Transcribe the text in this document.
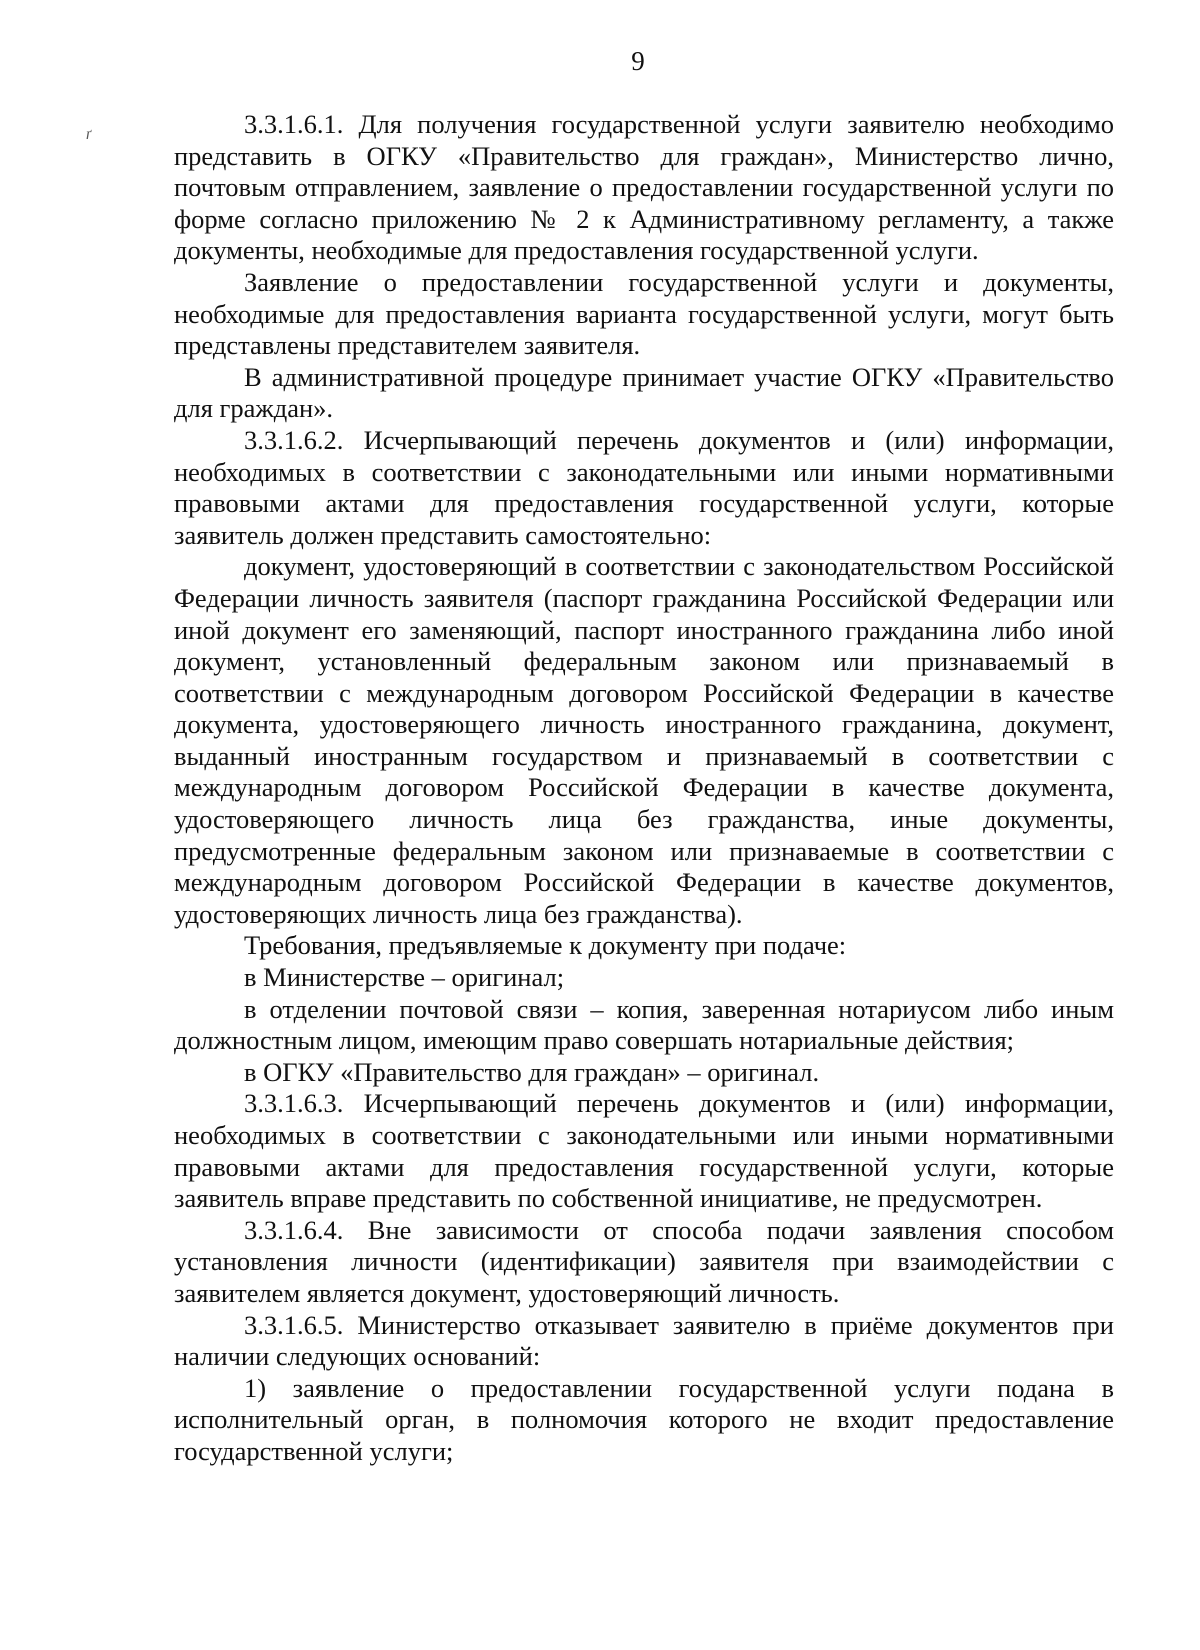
9
ґ	3.3.1.6.1. Для получения государственной услуги заявителю необходимо представить в ОГКУ «Правительство для граждан», Министерство лично, почтовым отправлением, заявление о предоставлении государственной услуги по форме согласно приложению № 2 к Административному регламенту, а также документы, необходимые для предоставления государственной услуги.

Заявление о предоставлении государственной услуги и документы, необходимые для предоставления варианта государственной услуги, могут быть представлены представителем заявителя.

В административной процедуре принимает участие ОГКУ «Правительство для граждан».

3.3.1.6.2. Исчерпывающий перечень документов и (или) информации, необходимых в соответствии с законодательными или иными нормативными правовыми актами для предоставления государственной услуги, которые заявитель должен представить самостоятельно:

документ, удостоверяющий в соответствии с законодательством Российской Федерации личность заявителя (паспорт гражданина Российской Федерации или иной документ его заменяющий, паспорт иностранного гражданина либо иной документ, установленный федеральным законом или признаваемый в соответствии с международным договором Российской Федерации в качестве документа, удостоверяющего личность иностранного гражданина, документ, выданный иностранным государством и признаваемый в соответствии с международным договором Российской Федерации в качестве документа, удостоверяющего личность лица без гражданства, иные документы, предусмотренные федеральным законом или признаваемые в соответствии с международным договором Российской Федерации в качестве документов, удостоверяющих личность лица без гражданства).

Требования, предъявляемые к документу при подаче:

в Министерстве – оригинал;

в отделении почтовой связи – копия, заверенная нотариусом либо иным должностным лицом, имеющим право совершать нотариальные действия;

в ОГКУ «Правительство для граждан» – оригинал.

3.3.1.6.3. Исчерпывающий перечень документов и (или) информации, необходимых в соответствии с законодательными или иными нормативными правовыми актами для предоставления государственной услуги, которые заявитель вправе представить по собственной инициативе, не предусмотрен.

3.3.1.6.4. Вне зависимости от способа подачи заявления способом установления личности (идентификации) заявителя при взаимодействии с заявителем является документ, удостоверяющий личность.

3.3.1.6.5. Министерство отказывает заявителю в приёме документов при наличии следующих оснований:

1) заявление о предоставлении государственной услуги подана в исполнительный орган, в полномочия которого не входит предоставление государственной услуги;
